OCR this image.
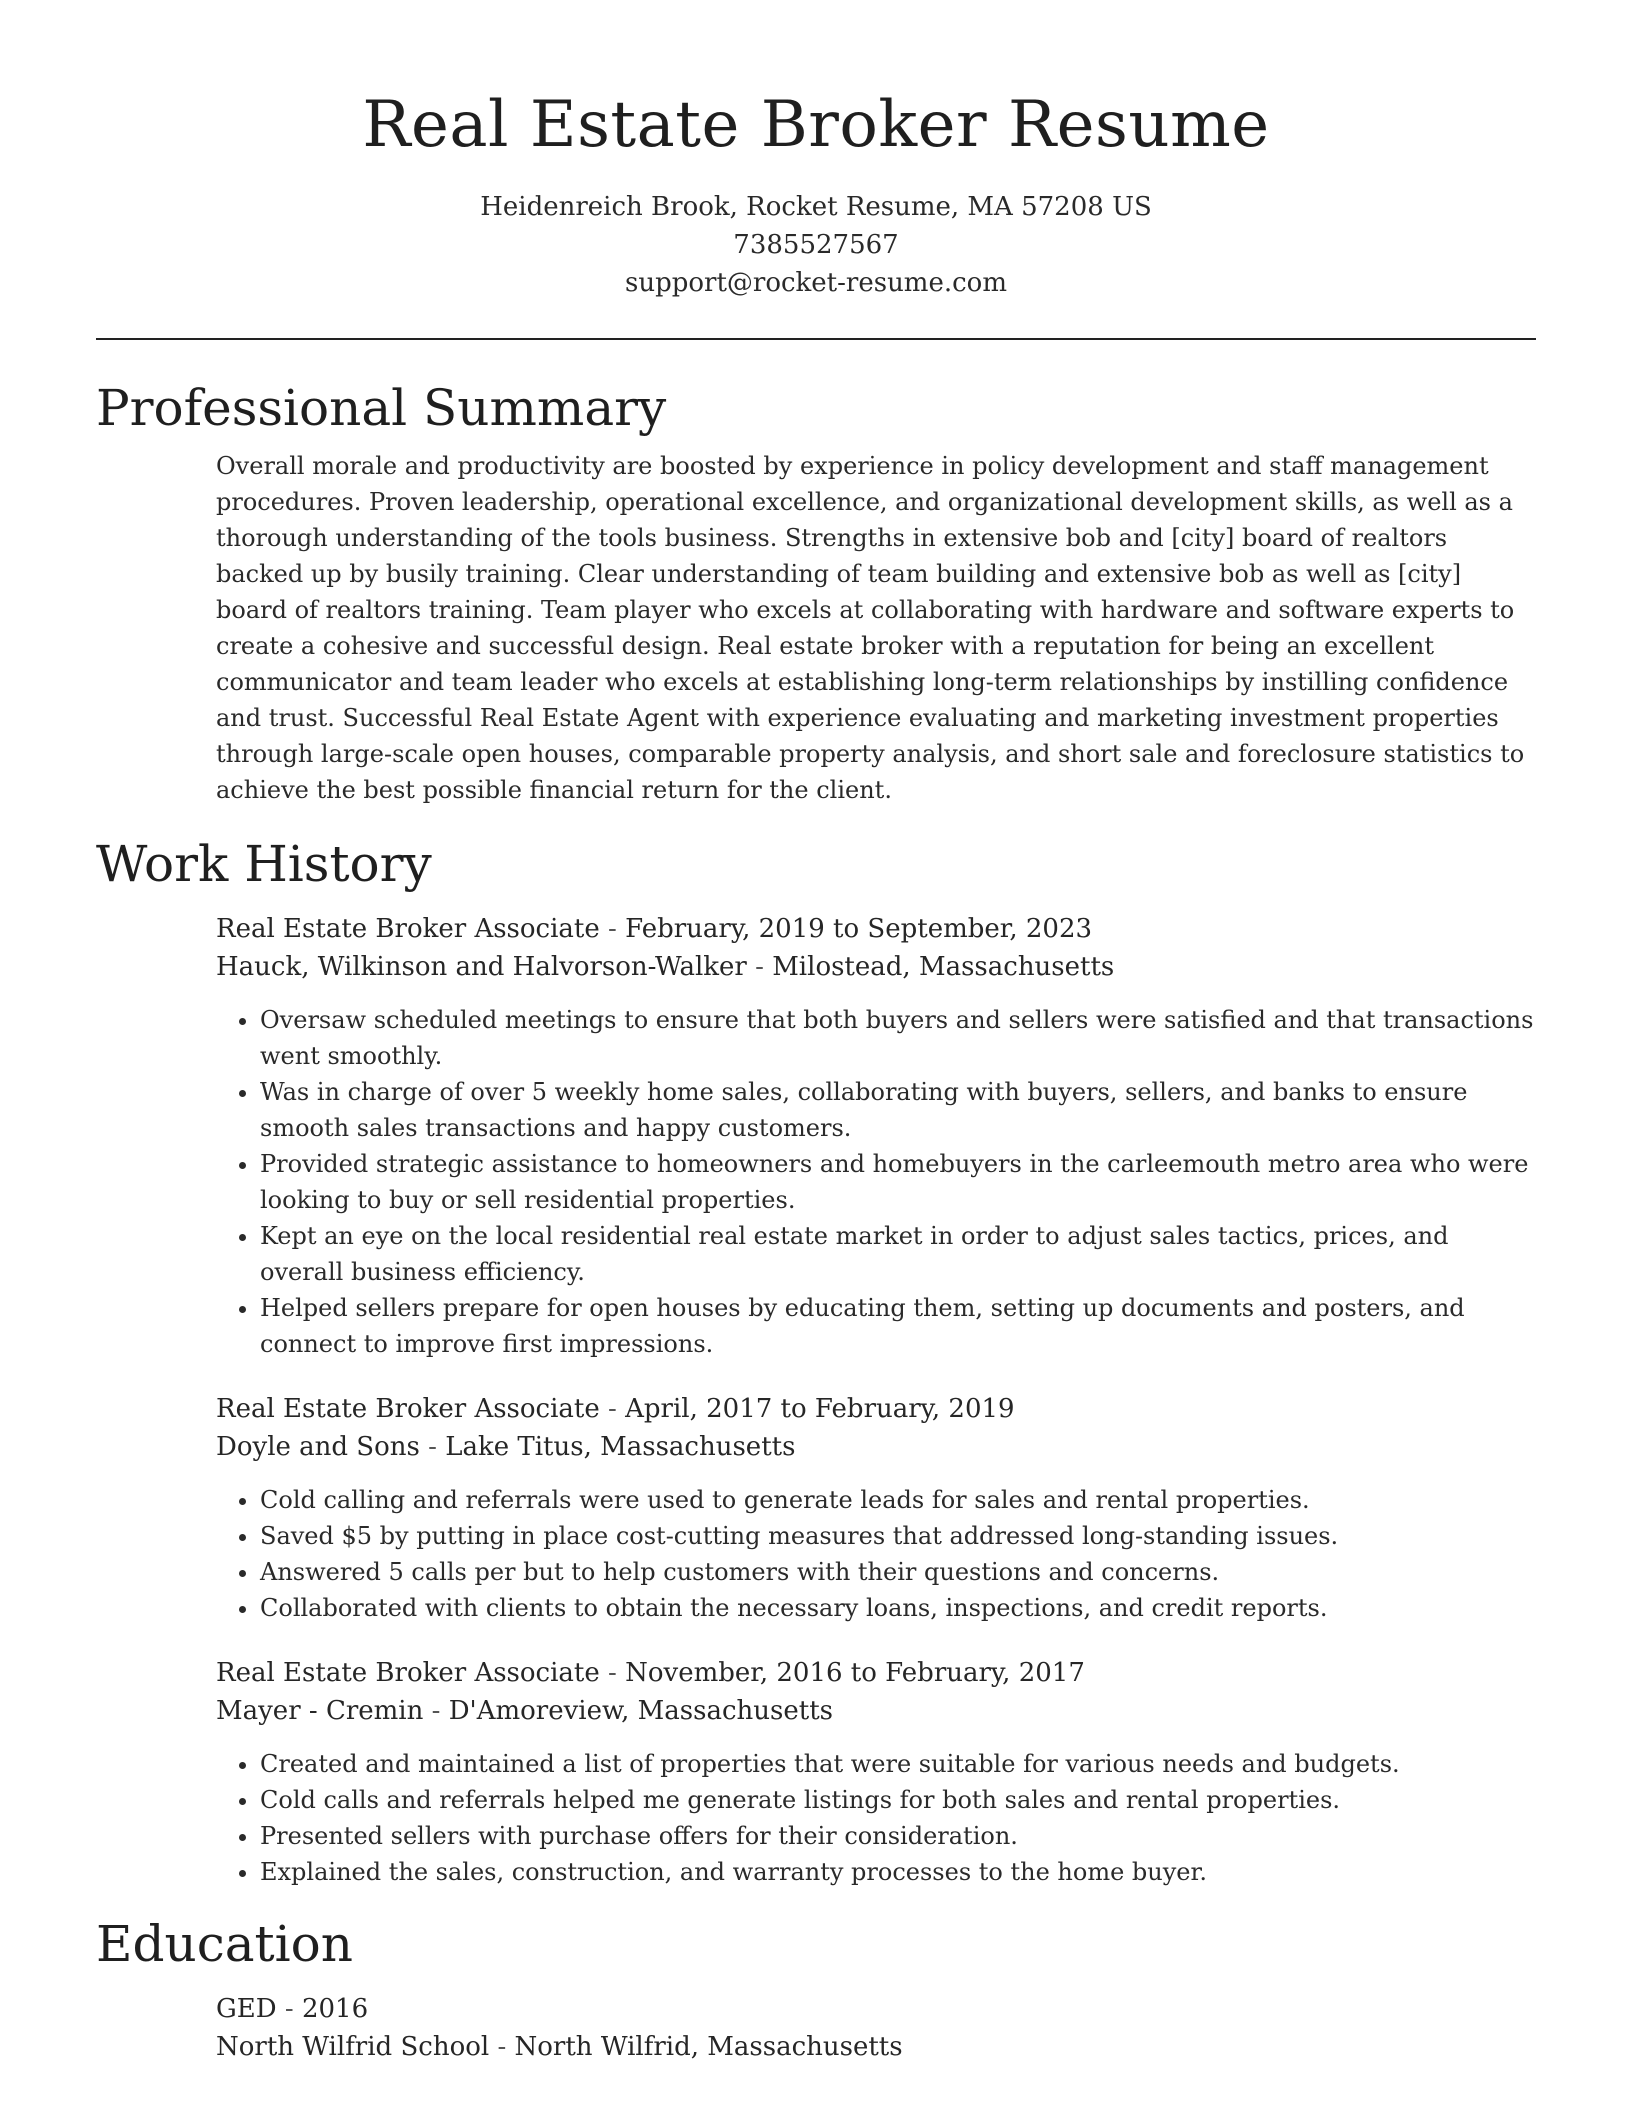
Real Estate Broker Resume
Heidenreich Brook, Rocket Resume, MA 57208 US
7385527567
support@rocket-resume.com
Professional Summary
Overall morale and productivity are boosted by experience in policy development and staff management procedures. Proven leadership, operational excellence, and organizational development skills, as well as a thorough understanding of the tools business. Strengths in extensive bob and [city] board of realtors backed up by busily training. Clear understanding of team building and extensive bob as well as [city] board of realtors training. Team player who excels at collaborating with hardware and software experts to create a cohesive and successful design. Real estate broker with a reputation for being an excellent communicator and team leader who excels at establishing long-term relationships by instilling confidence and trust. Successful Real Estate Agent with experience evaluating and marketing investment properties through large-scale open houses, comparable property analysis, and short sale and foreclosure statistics to achieve the best possible financial return for the client.
Work History
Real Estate Broker Associate - February, 2019 to September, 2023
Hauck, Wilkinson and Halvorson-Walker - Milostead, Massachusetts
• Oversaw scheduled meetings to ensure that both buyers and sellers were satisfied and that transactions went smoothly.
• Was in charge of over 5 weekly home sales, collaborating with buyers, sellers, and banks to ensure smooth sales transactions and happy customers.
• Provided strategic assistance to homeowners and homebuyers in the carleemouth metro area who were looking to buy or sell residential properties.
• Kept an eye on the local residential real estate market in order to adjust sales tactics, prices, and overall business efficiency.
• Helped sellers prepare for open houses by educating them, setting up documents and posters, and connect to improve first impressions.
Real Estate Broker Associate - April, 2017 to February, 2019
Doyle and Sons - Lake Titus, Massachusetts
• Cold calling and referrals were used to generate leads for sales and rental properties.
• Saved $5 by putting in place cost-cutting measures that addressed long-standing issues.
• Answered 5 calls per but to help customers with their questions and concerns.
• Collaborated with clients to obtain the necessary loans, inspections, and credit reports.
Real Estate Broker Associate - November, 2016 to February, 2017
Mayer - Cremin - D'Amoreview, Massachusetts
• Created and maintained a list of properties that were suitable for various needs and budgets.
• Cold calls and referrals helped me generate listings for both sales and rental properties.
• Presented sellers with purchase offers for their consideration.
• Explained the sales, construction, and warranty processes to the home buyer.
Education
GED - 2016
North Wilfrid School - North Wilfrid, Massachusetts
